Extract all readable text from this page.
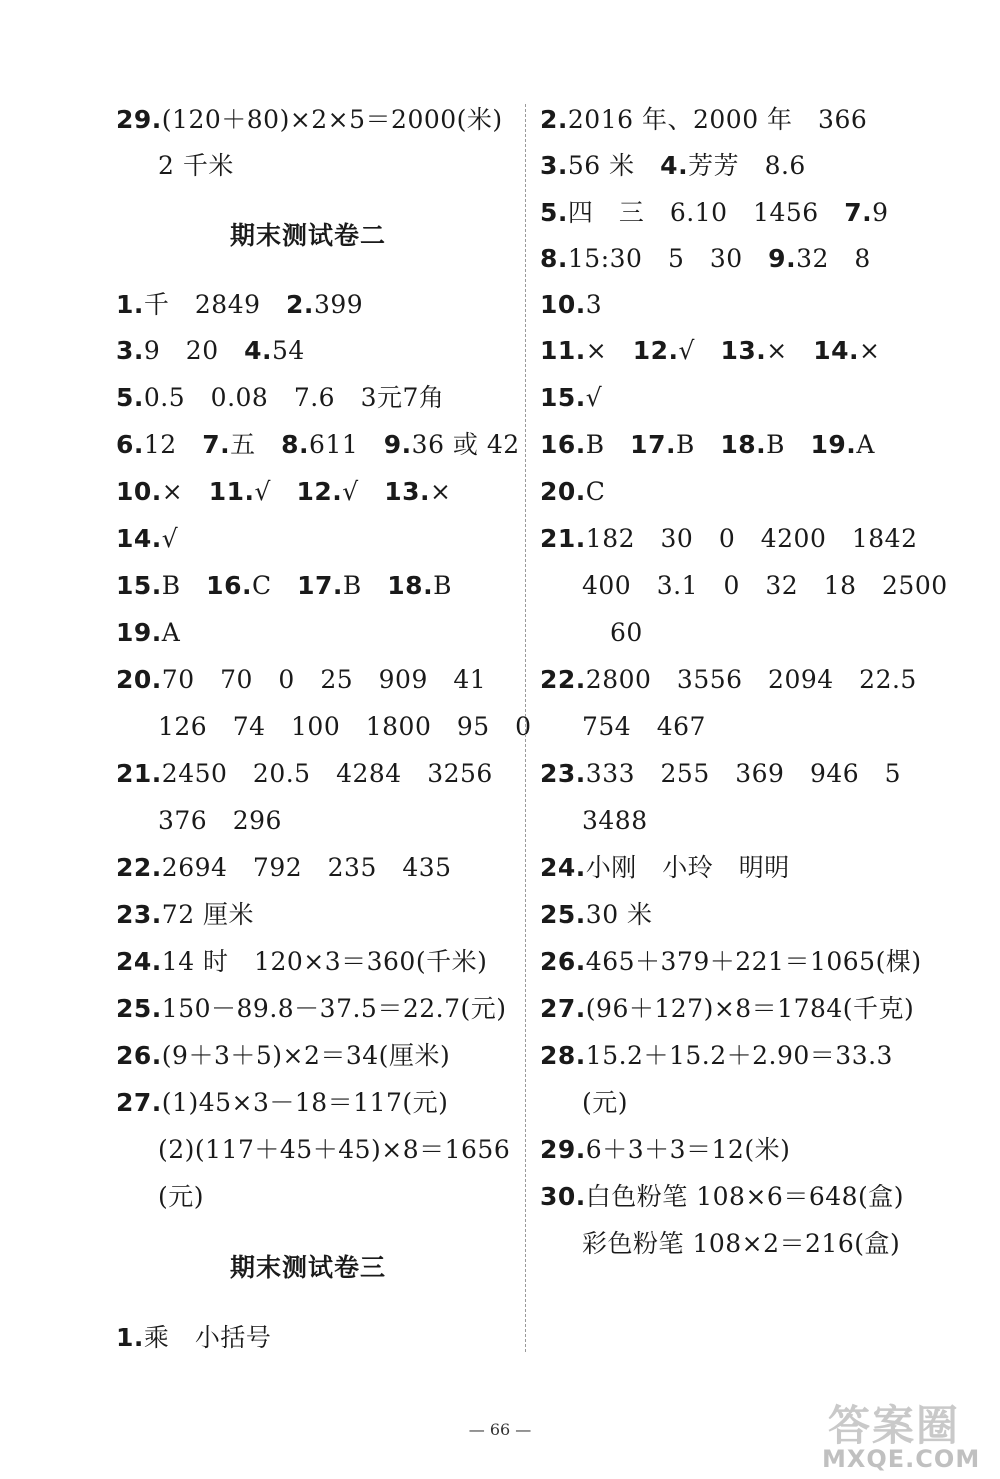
29.(120＋80)×2×5＝2000(米)
2 千米
期末测试卷二
1.千　2849　2.399
3.9　20　4.54
5.0.5　0.08　7.6　3元7角
6.12　7.五　8.611　9.36 或 42
10.×　11.√　12.√　13.×
14.√
15.B　16.C　17.B　18.B
19.A
20.70　70　0　25　909　41
126　74　100　1800　95　0
21.2450　20.5　4284　3256
376　296
22.2694　792　235　435
23.72 厘米
24.14 时　120×3＝360(千米)
25.150－89.8－37.5＝22.7(元)
26.(9＋3＋5)×2＝34(厘米)
27.(1)45×3－18＝117(元)
(2)(117＋45＋45)×8＝1656
(元)
期末测试卷三
1.乘　小括号
2.2016 年、2000 年　366
3.56 米　4.芳芳　8.6
5.四　三　6.10　1456　7.9
8.15:30　5　30　9.32　8
10.3
11.×　12.√　13.×　14.×
15.√
16.B　17.B　18.B　19.A
20.C
21.182　30　0　4200　1842
400　3.1　0　32　18　2500
60
22.2800　3556　2094　22.5
754　467
23.333　255　369　946　5
3488
24.小刚　小玲　明明
25.30 米
26.465＋379＋221＝1065(棵)
27.(96＋127)×8＝1784(千克)
28.15.2＋15.2＋2.90＝33.3
(元)
29.6＋3＋3＝12(米)
30.白色粉笔 108×6＝648(盒)
彩色粉笔 108×2＝216(盒)
— 66 —	答案圈
MXQE.COM
